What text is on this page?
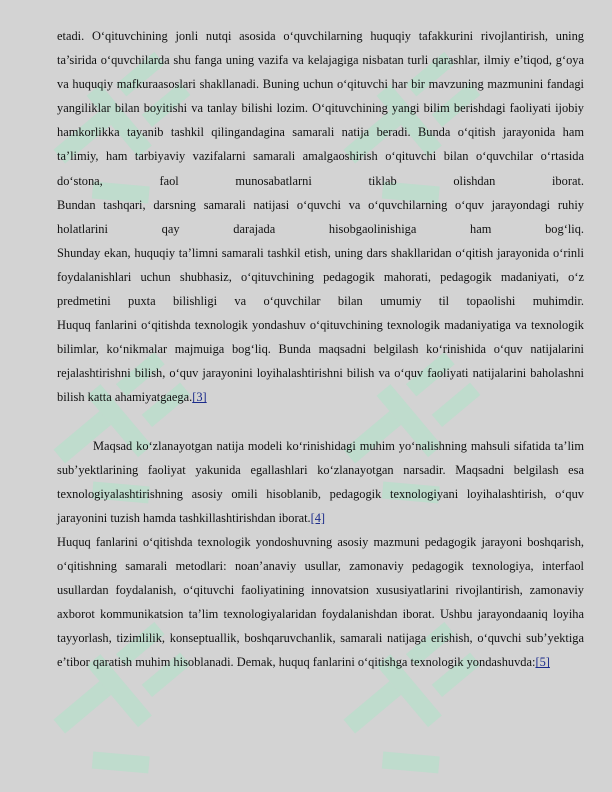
etadi. O‘qituvchining jonli nutqi asosida o‘quvchilarning huquqiy tafakkurini rivojlantirish, uning ta’sirida o‘quvchilarda shu fanga uning vazifa va kelajagiga nisbatan turli qarashlar, ilmiy e’tiqod, g‘oya va huquqiy mafkuraasoslari shakllanadi. Buning uchun o‘qituvchi har bir mavzuning mazmunini fandagi yangiliklar bilan boyitishi va tanlay bilishi lozim. O‘qituvchining yangi bilim berishdagi faoliyati ijobiy hamkorlikka tayanib tashkil qilingandagina samarali natija beradi. Bunda o‘qitish jarayonida ham ta’limiy, ham tarbiyaviy vazifalarni samarali amalgaoshirish o‘qituvchi bilan o‘quvchilar o‘rtasida do‘stona, faol munosabatlarni tiklab olishdan iborat.

Bundan tashqari, darsning samarali natijasi o‘quvchi va o‘quvchilarning o‘quv jarayondagi ruhiy holatlarini qay darajada hisobgaolinishiga ham bog‘liq.

Shunday ekan, huquqiy ta’limni samarali tashkil etish, uning dars shakllaridan o‘qitish jarayonida o‘rinli foydalanishlari uchun shubhasiz, o‘qituvchining pedagogik mahorati, pedagogik madaniyati, o‘z predmetini puxta bilishligi va o‘quvchilar bilan umumiy til topaolishi muhimdir.

Huquq fanlarini o‘qitishda texnologik yondashuv o‘qituvchining texnologik madaniyatiga va texnologik bilimlar, ko‘nikmalar majmuiga bog‘liq. Bunda maqsadni belgilash ko‘rinishida o‘quv natijalarini rejalashtirishni bilish, o‘quv jarayonini loyihalashtirishni bilish va o‘quv faoliyati natijalarini baholashni bilish katta ahamiyatgaega.[3]

Maqsad ko‘zlanayotgan natija modeli ko‘rinishidagi muhim yo‘nalishning mahsuli sifatida ta’lim sub’yektlarining faoliyat yakunida egallashlari ko‘zlanayotgan narsadir. Maqsadni belgilash esa texnologiyalashtirishning asosiy omili hisoblanib, pedagogik texnologiyani loyihalashtirish, o‘quv jarayonini tuzish hamda tashkillashtirishdan iborat.[4]

Huquq fanlarini o‘qitishda texnologik yondoshuvning asosiy mazmuni pedagogik jarayoni boshqarish, o‘qitishning samarali metodlari: noan’anaviy usullar, zamonaviy pedagogik texnologiya, interfaol usullardan foydalanish, o‘qituvchi faoliyatining innovatsion xususiyatlarini rivojlantirish, zamonaviy axborot kommunikatsion ta’lim texnologiyalaridan foydalanishdan iborat. Ushbu jarayondaaniq loyiha tayyorlash, tizimlilik, konseptuallik, boshqaruvchanlik, samarali natijaga erishish, o‘quvchi sub’yektiga e’tibor qaratish muhim hisoblanadi. Demak, huquq fanlarini o‘qitishga texnologik yondashuvda:[5]
